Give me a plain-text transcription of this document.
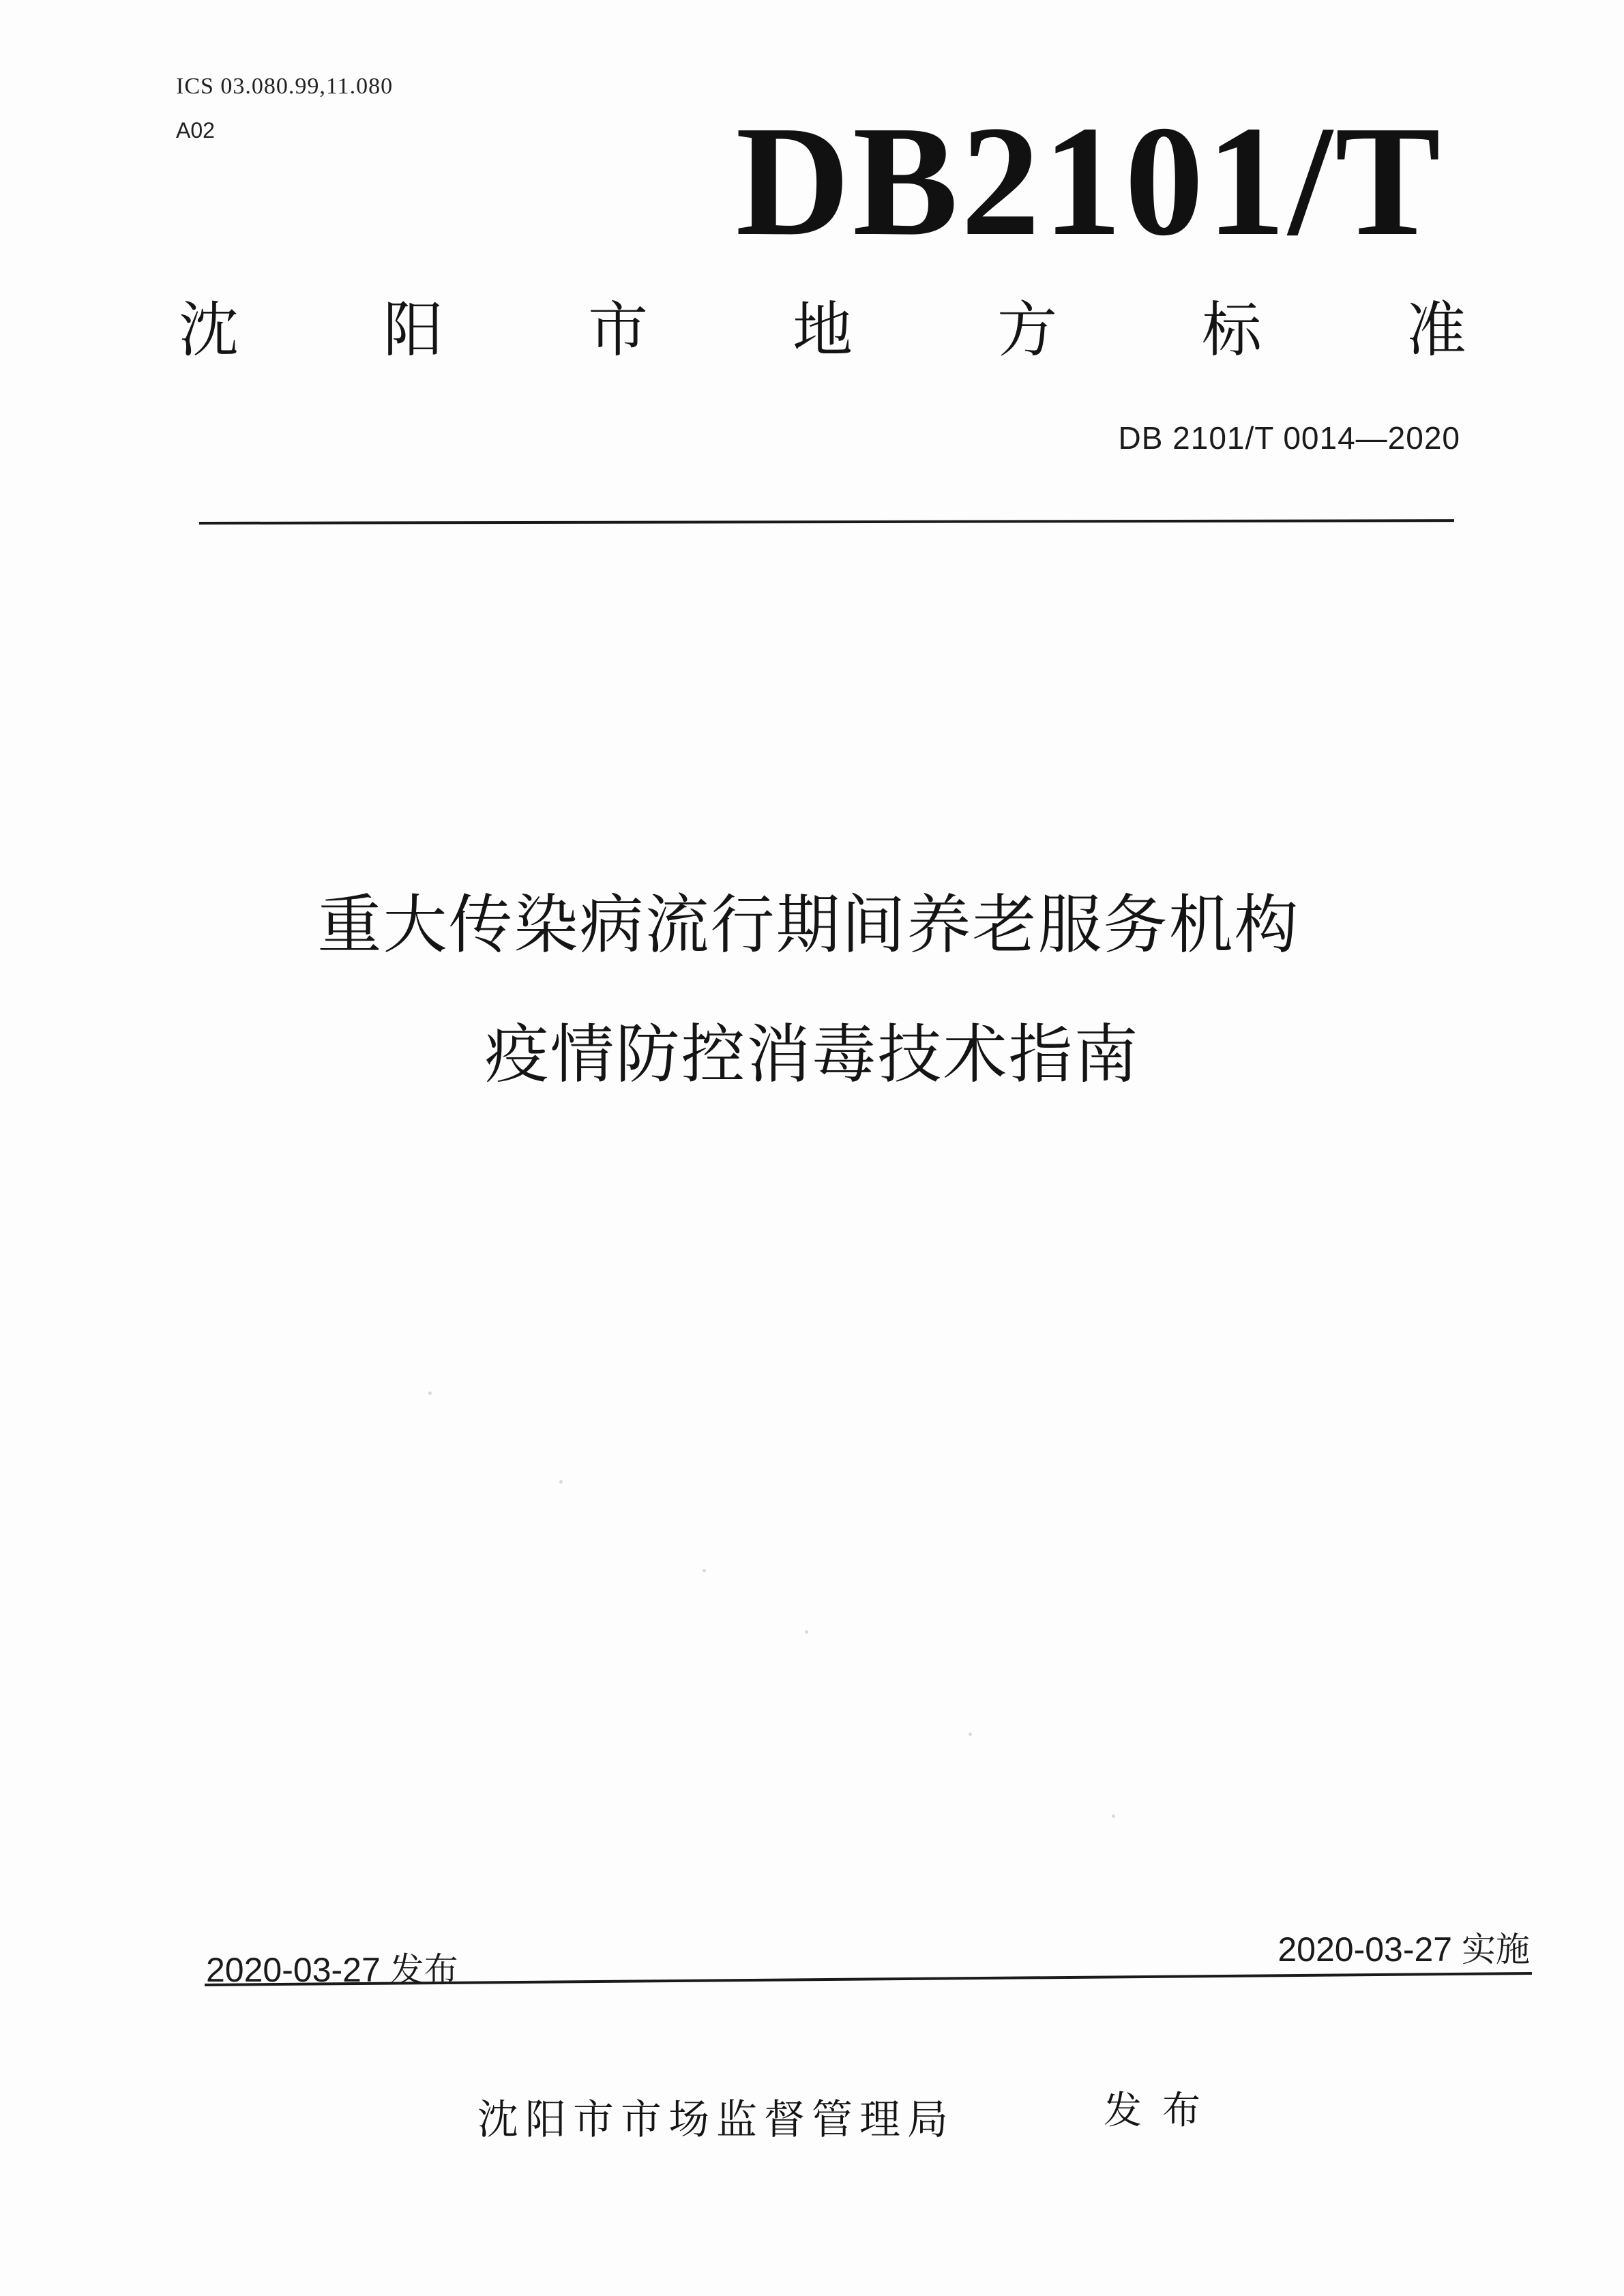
ICS 03.080.99,11.080
A02	DB2101/T
沈 阳 市 地 方 标 准
DB 2101/T 0014—2020
重大传染病流行期间养老服务机构
疫情防控消毒技术指南
2020-03-27 发布
2020-03-27 实施
沈阳市市场监督管理局	发布
